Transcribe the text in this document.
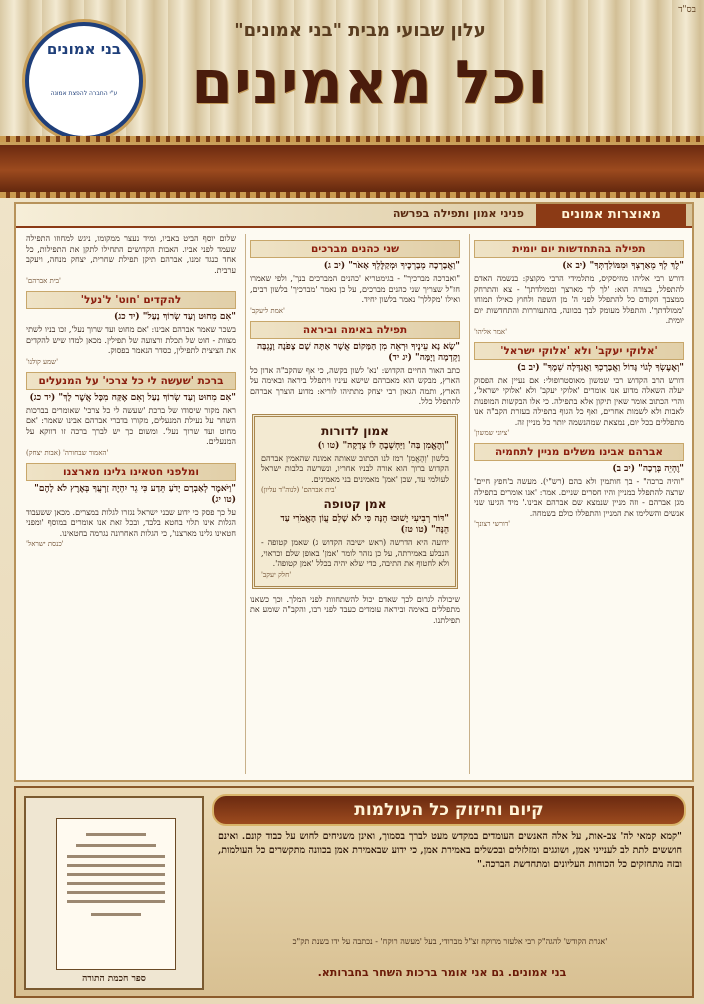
בס"ד
עלון שבועי מבית "בני אמונים"
וכל מאמינים
בני אמונים
ע"י החברה להפצת אמונה
מאוצרות אמונים
פניני אמון ותפילה בפרשה
תפילה בהתחדשות יום יומית
"לֶךְ לְךָ מֵאַרְצְךָ וּמִמּוֹלַדְתְּךָ" (יב א)

דורש רבי אליהו מוזיסקיס, מתלמידי הרבי מקוצק: בנשמה האדם להתפלל, בצורה הוא: 'לך לך מארצך וממולדתך' - צא והתרחק ממצבך הקודם כל להתפלל לפני ה' מן השפה ולחוץ כאילו תמוחו 'ממולדתך'. והתפלל מעומק לבך בכוונה, בהתעוררות והתחדשות יום יומית.

'אמר אליהו'
'אלוקי יעקב' ולא 'אלוקי ישראל'
"וְאֶעֶשְׂךָ לְגוֹי גָּדוֹל וַאֲבָרֶכְךָ וַאֲגַדְּלָה שְׁמֶךָ" (יב ב)

דורש הרב הקדוש רבי שמשון מאוסטרופולי: אם נעיין את הפסוק יעלה השאלה מדוע אנו אומרים 'אלוקי יעקב' ולא 'אלוקי ישראל', והרי הכתוב אומר שאין תיקון אלא בתפילה. כי אלו הבקשות המופנות לאבות ולא לשמות אחרים, ואף כל הגוף בתפילה בעזרת הקב"ה אנו מתפללים בכל יום, נמצאת שמהנשמה יותר כל מניין זה.

'ציוני שמשון'
אברהם אבינו משלים מניין לתחמיה
"וֶהְיֵה בְּרָכָה" (יב ב)

"והיה ברכה" - בך חותמין ולא בהם (רש"י). מעשה ב'חפץ חיים' שרצה להתפלל במניין והיו חסרים שניים. אמר: 'אנו אומרים בתפילה מגן אברהם - וזה מניין שנמצא שם אברהם אבינו.' מיד הגיעו שני אנשים והשלימו את המניין והתפללו כולם בשמחה.

'דורשי רצונך'
שני כהנים מברכים
"וַאֲבָרְכָה מְבָרְכֶיךָ וּמְקַלֶּלְךָ אָאֹר" (יב ג)

"ואברכה מברכיך" - בגימטריא 'כהנים המברכים בנך', ולפי שאמרו חז"ל שצריך שני כהנים מברכים, על כן נאמר 'מברכיך' בלשון רבים, ואילו 'מקללך' נאמר בלשון יחיד.

'אמת ליעקב'
תפילה באימה וביראה
"שָׂא נָא עֵינֶיךָ וּרְאֵה מִן הַמָּקוֹם אֲשֶׁר אַתָּה שָׁם צָפֹנָה וָנֶגְבָּה וָקֵדְמָה וָיָמָּה" (יג יד)

כתב האור החיים הקדוש: 'נא' לשון בקשה, כי אף שהקב"ה אדון כל הארץ, מבקש הוא מאברהם שישא עיניו ויתפלל ביראה ובאימה על הארץ, ותמה הגאון רבי יצחק מתתיהו לוריא: מדוע הוצרך אברהם להתפלל כלל.

אמון לדורות
"וְהֶאֱמִן בַּה' וַיַּחְשְׁבֶהָ לּוֹ צְדָקָה" (טו ו)

בלשון 'וְהֶאֱמִן' רמז לנו הכתוב שאותה אמונה שהאמין אברהם הקדוש ברוך הוא אורה לבניו אחריו, ונשרשה בלבות ישראל לעולמי עד, שכן 'אמן' מאמינים בני מאמינים.

'בית אברהם' (לנוה"ד עליון)
אמן קטופה
"דּוֹר רְבִיעִי יָשׁוּבוּ הֵנָּה כִּי לֹא שָׁלֵם עֲוֹן הָאֱמֹרִי עַד הֵנָּה" (טו טז)

ידועה היא הדרשה (ראש ישיבה הקדוש ג) שאמן קטופה - הנבלע באמירתה, על כן נזהר לומר 'אמן' באופן שלם וכראוי, ולא לחטוף את התיבה, כדי שלא יהיה בכלל 'אמן קטופה'.

'חלק יעקב'

שיכולה לגרום לכך שאדם יכול להשתחוות לפני המלך. וכך כשאנו מתפללים באימה וביראה עומדים כעבד לפני רבו, והקב"ה שומע את תפילתנו.

שלום יוסף הביט באביו, ומיד נעצר ממקומו, ניגש למחוזו התפילה שעמד לפני אביו. האבות הקדושים התחילו לתקן את התפילות, כל אחד כנגד זמנו, אברהם תיקן תפילת שחרית, יצחק מנחה, ויעקב ערבית.

'בית אברהם'
להקדים 'חוט' ל'נעל'
"אִם מִחוּט וְעַד שְׂרוֹךְ נַעַל" (יד כג)

בשכר שאמר אברהם אבינו: 'אם מחוט ועד שרוך נעל', זכו בניו לשתי מצוות - חוט של תכלת ורצועה של תפילין. מכאן למדו שיש להקדים את הציצית לתפילין, כסדר הנאמר בפסוק.

'שמע קולנו'
ברכת 'שעשה לי כל צרכי' על המנעלים
"אִם מִחוּט וְעַד שְׂרוֹךְ נַעַל וְאִם אֶקַּח מִכָּל אֲשֶׁר לָךְ" (יד כג)

ראה מקור שיסודו של ברכת 'שעשה לי כל צרכי' שאומרים בברכות השחר על נעילת המנעלים, מקורו בדברי אברהם אבינו שאמר: 'אם מחוט ועד שרוך נעל'. ומשום כך יש לברך ברכה זו דווקא על המנעלים.

'האמור שבחורה' (אבות יצחק)
ומלפני חטאינו גלינו מארצנו
"וַיֹּאמֶר לְאַבְרָם יָדֹעַ תֵּדַע כִּי גֵר יִהְיֶה זַרְעֲךָ בְּאֶרֶץ לֹא לָהֶם" (טו יג)

על כך פסק כי ידוע שבני ישראל נגזרו לגלות במצרים. מכאן ששעבוד הגלות אינו תלוי בחטא בלבד, ובכל זאת אנו אומרים במוסף 'ומפני חטאינו גלינו מארצנו', כי הגלות האחרונה נגרמה בחטאינו.

'כנסת ישראל'
קיום וחיזוק כל העולמות
ספר חכמת התורה
"קמא קמאי לה' צב-אות, על אלה האנשים העומדים במקדש מעט לברך בסמוך, ואינן משגיחים לחוש על כבוד קונם. ואינם חוששים לתת לב לענייני אמן, ושוגגים ומזלזלים ובכשלים באמירת אמן, כי ידוע שבאמירת אמן בכוונה מתקשרים כל העולמות, ובזה מתחזקים כל הכוחות העליונים ומתחדשת הברכה."
'אגרת הקודש' להגה"ק רבי אלעזר מרוקח זצ"ל מברודי, בעל 'מעשה רוקח' - נכתבה על ידו בשנת תק"כ
בני אמונים. גם אני אומר ברכות השחר בחברותא.
